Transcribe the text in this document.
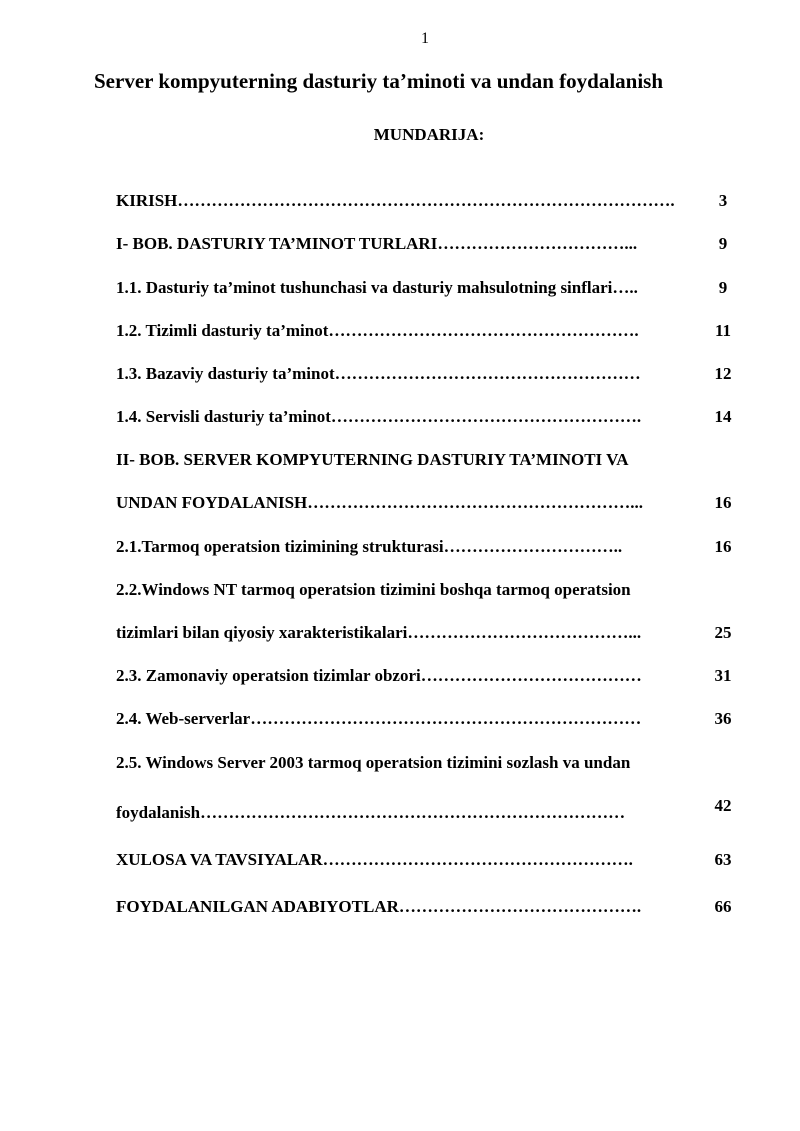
1
Server kompyuterning dasturiy ta’minoti va undan foydalanish
MUNDARIJA:
KIRISH…………………………………………………………………………….	3
I- BOB. DASTURIY TA’MINOT TURLARI……………………………...	9
1.1. Dasturiy ta’minot tushunchasi va dasturiy mahsulotning sinflari…..	9
1.2. Tizimli dasturiy ta’minot……………………………………………….	11
1.3. Bazaviy dasturiy ta’minot………………………………………………	12
1.4. Servisli dasturiy ta’minot……………………………………………….	14
II- BOB. SERVER KOMPYUTERNING DASTURIY TA’MINOTI VA
UNDAN FOYDALANISH…………………………………………………...	16
2.1.Tarmoq operatsion tizimining strukturasi…………………………..	16
2.2.Windows NT tarmoq operatsion tizimini boshqa tarmoq operatsion
tizimlari bilan qiyosiy xarakteristikalari…………………………………...	25
2.3. Zamonaviy operatsion tizimlar obzori…………………………………	31
2.4. Web-serverlar……………………………………………………………	36
2.5. Windows Server 2003 tarmoq operatsion tizimini sozlash va undan
foydalanish…………………………………………………………………	42
XULOSA VA TAVSIYALAR……………………………………………….	63
FOYDALANILGAN ADABIYOTLAR…………………………………….	66
